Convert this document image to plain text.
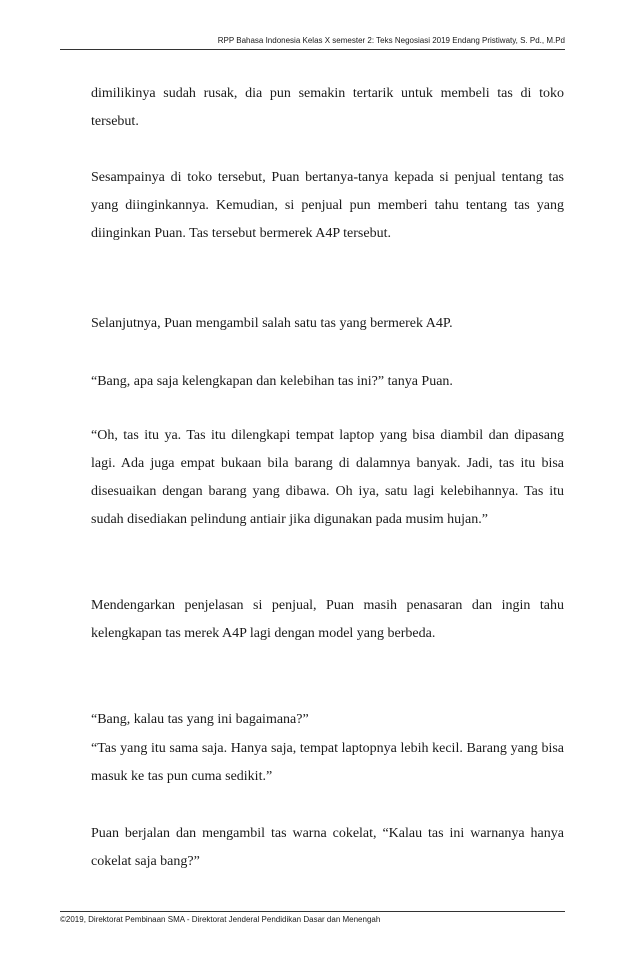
RPP Bahasa Indonesia Kelas X semester 2: Teks Negosiasi 2019 Endang Pristiwaty, S. Pd., M.Pd
dimilikinya sudah rusak, dia pun semakin tertarik untuk membeli tas di toko tersebut.
Sesampainya di toko tersebut, Puan bertanya-tanya kepada si penjual tentang tas yang diinginkannya. Kemudian, si penjual pun memberi tahu tentang tas yang diinginkan Puan. Tas tersebut bermerek A4P tersebut.
Selanjutnya, Puan mengambil salah satu tas yang bermerek A4P.
“Bang, apa saja kelengkapan dan kelebihan tas ini?” tanya Puan.
“Oh, tas itu ya. Tas itu dilengkapi tempat laptop yang bisa diambil dan dipasang lagi. Ada juga empat bukaan bila barang di dalamnya banyak. Jadi, tas itu bisa disesuaikan dengan barang yang dibawa. Oh iya, satu lagi kelebihannya. Tas itu sudah disediakan pelindung antiair jika digunakan pada musim hujan.”
Mendengarkan penjelasan si penjual, Puan masih penasaran dan ingin tahu kelengkapan tas merek A4P lagi dengan model yang berbeda.
“Bang, kalau tas yang ini bagaimana?”
“Tas yang itu sama saja. Hanya saja, tempat laptopnya lebih kecil. Barang yang bisa masuk ke tas pun cuma sedikit.”
Puan berjalan dan mengambil tas warna cokelat, “Kalau tas ini warnanya hanya cokelat saja bang?”
©2019, Direktorat Pembinaan SMA - Direktorat Jenderal Pendidikan Dasar dan Menengah
